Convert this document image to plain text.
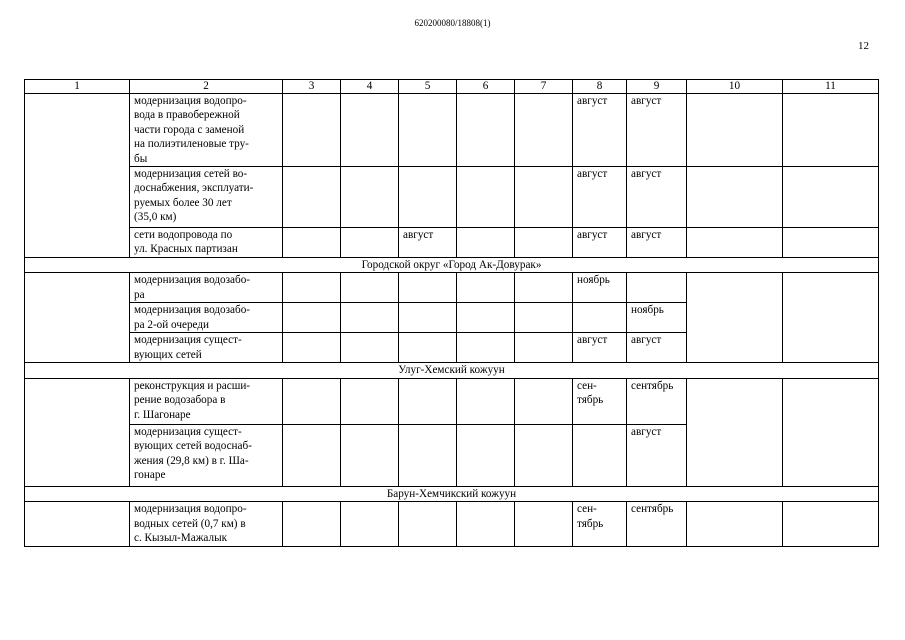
620200080/18808(1)
12
1	2	3	4	5	6	7	8	9	10	11
	модернизация водопро-
вода в правобережной
части города с заменой
на полиэтиленовые тру-
бы						август	август		
	модернизация сетей во-
доснабжения, эксплуати-
руемых более 30 лет
(35,0 км)						август	август		
	сети водопровода по
ул. Красных партизан			август			август	август		
Городской округ «Город Ак-Довурак»										
	модернизация водозабо-
ра						ноябрь			
	модернизация водозабо-
ра 2-ой очереди							ноябрь		
	модернизация сущест-
вующих сетей						август	август		
Улуг-Хемский кожуун										
	реконструкция и расши-
рение водозабора в
г. Шагонаре						сен-
тябрь	сентябрь		
	модернизация сущест-
вующих сетей водоснаб-
жения (29,8 км) в г. Ша-
гонаре							август		
Барун-Хемчикский кожуун										
	модернизация водопро-
водных сетей (0,7 км) в
с. Кызыл-Мажалык						сен-
тябрь	сентябрь		
